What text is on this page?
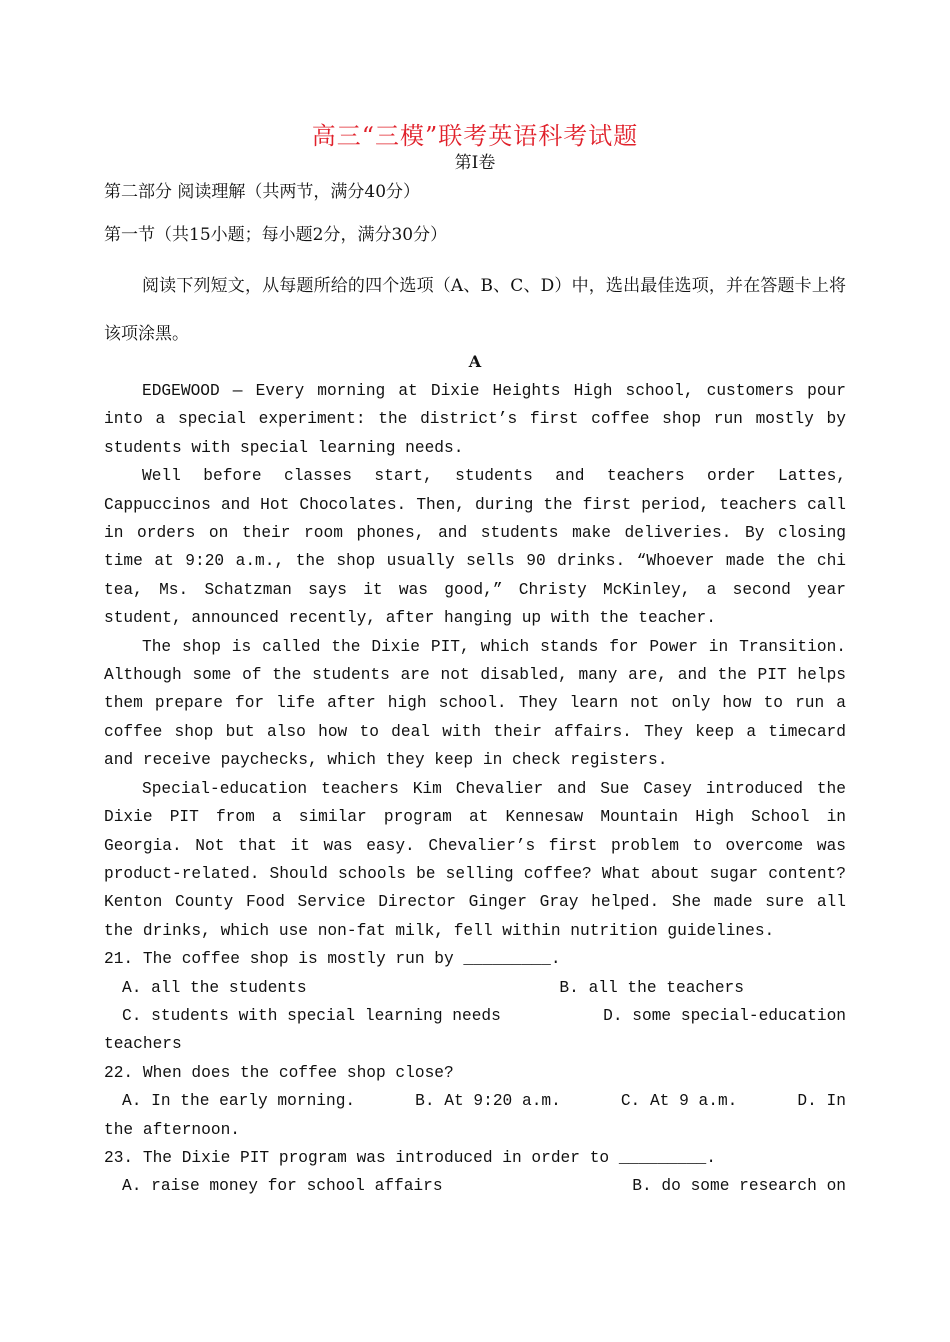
高三“三模”联考英语科考试题
第Ⅰ卷
第二部分 阅读理解（共两节，满分40分）
第一节（共15小题；每小题2分，满分30分）
阅读下列短文，从每题所给的四个选项（A、B、C、D）中，选出最佳选项，并在答题卡上将该项涂黑。
A

EDGEWOOD — Every morning at Dixie Heights High school, customers pour into a special experiment: the district’s first coffee shop run mostly by students with special learning needs.

Well before classes start, students and teachers order Lattes, Cappuccinos and Hot Chocolates. Then, during the first period, teachers call in orders on their room phones, and students make deliveries. By closing time at 9:20 a.m., the shop usually sells 90 drinks. “Whoever made the chi tea, Ms. Schatzman says it was good,” Christy McKinley, a second year student, announced recently, after hanging up with the teacher.

The shop is called the Dixie PIT, which stands for Power in Transition. Although some of the students are not disabled, many are, and the PIT helps them prepare for life after high school. They learn not only how to run a coffee shop but also how to deal with their affairs. They keep a timecard and receive paychecks, which they keep in check registers.

Special-education teachers Kim Chevalier and Sue Casey introduced the Dixie PIT from a similar program at Kennesaw Mountain High School in Georgia. Not that it was easy. Chevalier’s first problem to overcome was product-related. Should schools be selling coffee? What about sugar content? Kenton County Food Service Director Ginger Gray helped. She made sure all the drinks, which use non-fat milk, fell within nutrition guidelines.

21. The coffee shop is mostly run by _________.

A. all the students	B. all the teachers
C. students with special learning needs	D. some special-education

teachers

22. When does the coffee shop close?

A. In the early morning.	B. At 9:20 a.m.	C. At 9 a.m.	D. In

the afternoon.

23. The Dixie PIT program was introduced in order to _________.

A. raise money for school affairs	B. do some research on
